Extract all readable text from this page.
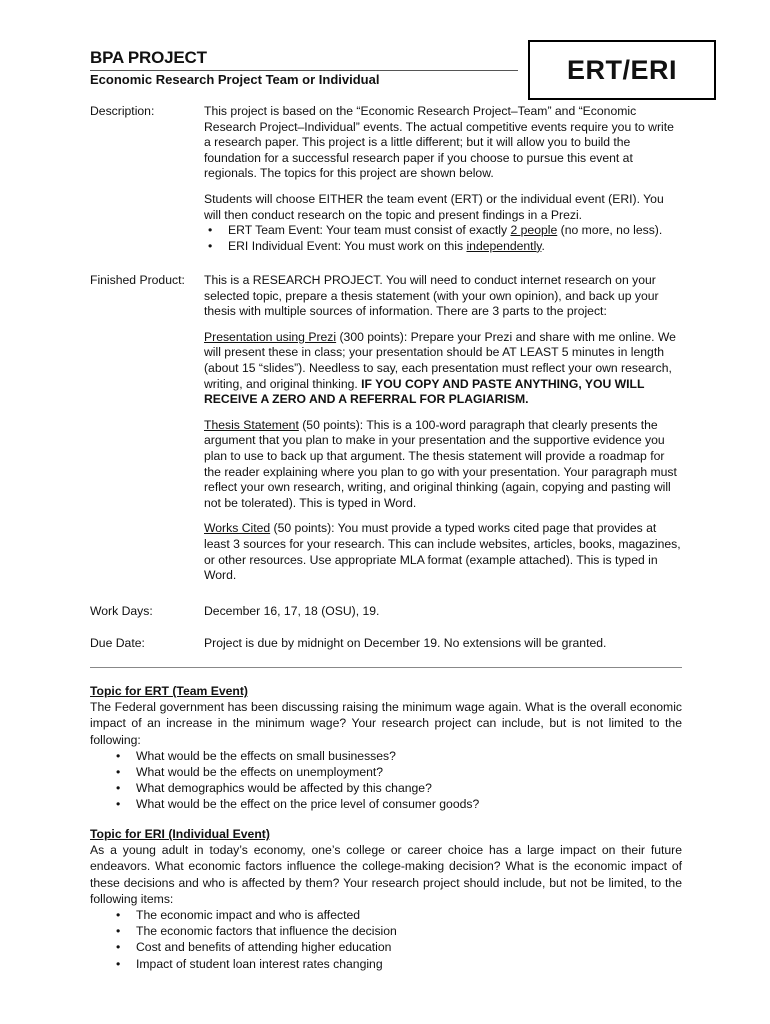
BPA PROJECT
Economic Research Project Team or Individual	ERT/ERI
Description:	This project is based on the “Economic Research Project–Team” and “Economic Research Project–Individual” events. The actual competitive events require you to write a research paper. This project is a little different; but it will allow you to build the foundation for a successful research paper if you choose to pursue this event at regionals. The topics for this project are shown below.

Students will choose EITHER the team event (ERT) or the individual event (ERI). You will then conduct research on the topic and present findings in a Prezi.

• ERT Team Event: Your team must consist of exactly 2 people (no more, no less).
• ERI Individual Event: You must work on this independently.
Finished Product: This is a RESEARCH PROJECT. You will need to conduct internet research on your selected topic, prepare a thesis statement (with your own opinion), and back up your thesis with multiple sources of information. There are 3 parts to the project:

Presentation using Prezi (300 points): Prepare your Prezi and share with me online. We will present these in class; your presentation should be AT LEAST 5 minutes in length (about 15 “slides”). Needless to say, each presentation must reflect your own research, writing, and original thinking. IF YOU COPY AND PASTE ANYTHING, YOU WILL RECEIVE A ZERO AND A REFERRAL FOR PLAGIARISM.

Thesis Statement (50 points): This is a 100-word paragraph that clearly presents the argument that you plan to make in your presentation and the supportive evidence you plan to use to back up that argument. The thesis statement will provide a roadmap for the reader explaining where you plan to go with your presentation. Your paragraph must reflect your own research, writing, and original thinking (again, copying and pasting will not be tolerated). This is typed in Word.

Works Cited (50 points): You must provide a typed works cited page that provides at least 3 sources for your research. This can include websites, articles, books, magazines, or other resources. Use appropriate MLA format (example attached). This is typed in Word.

Work Days:	December 16, 17, 18 (OSU), 19.
Due Date:	Project is due by midnight on December 19. No extensions will be granted.
Topic for ERT (Team Event)

The Federal government has been discussing raising the minimum wage again. What is the overall economic impact of an increase in the minimum wage? Your research project can include, but is not limited to the following:

• What would be the effects on small businesses?
• What would be the effects on unemployment?
• What demographics would be affected by this change?
• What would be the effect on the price level of consumer goods?
Topic for ERI (Individual Event)

As a young adult in today’s economy, one’s college or career choice has a large impact on their future endeavors. What economic factors influence the college-making decision? What is the economic impact of these decisions and who is affected by them? Your research project should include, but not be limited, to the following items:

• The economic impact and who is affected
• The economic factors that influence the decision
• Cost and benefits of attending higher education
• Impact of student loan interest rates changing
